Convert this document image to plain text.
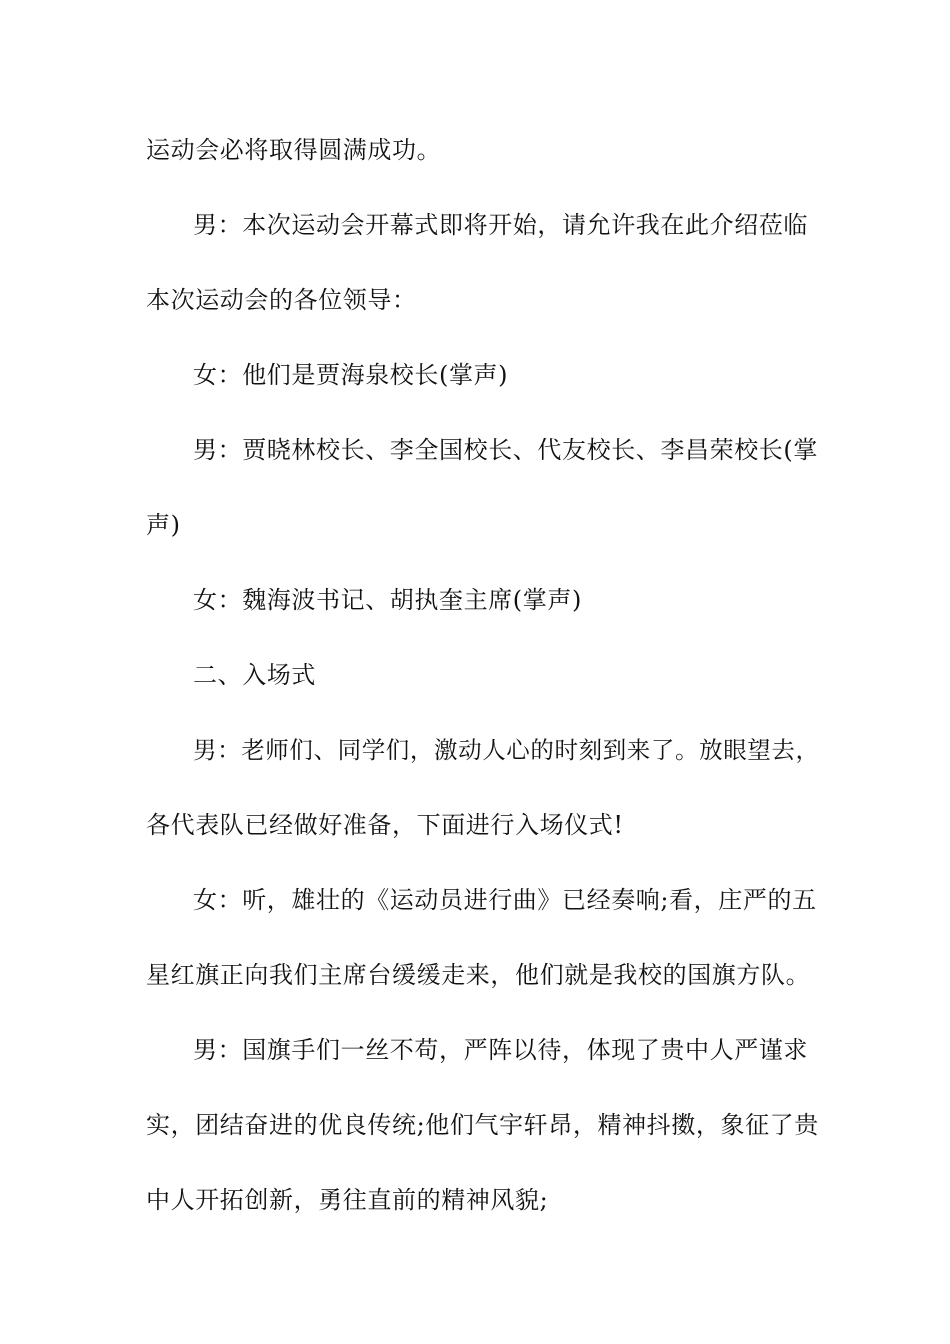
运动会必将取得圆满成功。
男：本次运动会开幕式即将开始，请允许我在此介绍莅临
本次运动会的各位领导：
女：他们是贾海泉校长(掌声)
男：贾晓林校长、李全国校长、代友校长、李昌荣校长(掌
声)
女：魏海波书记、胡执奎主席(掌声)
二、入场式
男：老师们、同学们，激动人心的时刻到来了。放眼望去，
各代表队已经做好准备，下面进行入场仪式!
女：听，雄壮的《运动员进行曲》已经奏响;看，庄严的五
星红旗正向我们主席台缓缓走来，他们就是我校的国旗方队。
男：国旗手们一丝不苟，严阵以待，体现了贵中人严谨求
实，团结奋进的优良传统;他们气宇轩昂，精神抖擞，象征了贵
中人开拓创新，勇往直前的精神风貌;
